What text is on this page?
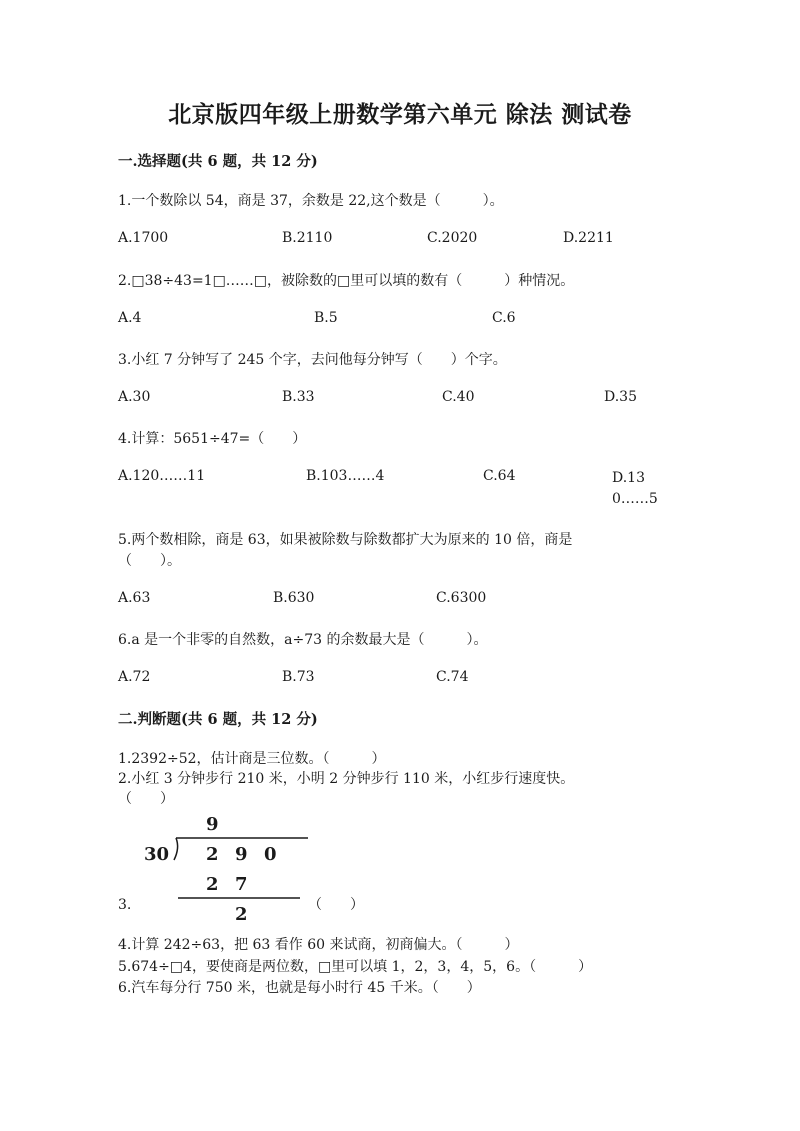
北京版四年级上册数学第六单元 除法 测试卷
一.选择题(共 6 题，共 12 分)
1.一个数除以 54，商是 37，余数是 22,这个数是（　　　）。
A.1700	B.2110	C.2020	D.2211
2.□38÷43=1□……□，被除数的□里可以填的数有（　　　）种情况。
A.4	B.5	C.6
3.小红 7 分钟写了 245 个字，去问他每分钟写（　　）个字。
A.30	B.33	C.40	D.35
4.计算：5651÷47=（　　）
A.120……11	B.103……4	C.64	D.130……5
5.两个数相除，商是 63，如果被除数与除数都扩大为原来的 10 倍，商是
（　　）。
A.63	B.630	C.6300
6.a 是一个非零的自然数，a÷73 的余数最大是（　　　）。
A.72	B.73	C.74
二.判断题(共 6 题，共 12 分)
1.2392÷52，估计商是三位数。（　　　）
2.小红 3 分钟步行 210 米，小明 2 分钟步行 110 米，小红步行速度快。
（　　）
9
30 2 9 0
2 7
2
3.	（　　）
4.计算 242÷63，把 63 看作 60 来试商，初商偏大。（　　　）
5.674÷□4，要使商是两位数，□里可以填 1，2，3，4，5，6。（　　　）
6.汽车每分行 750 米，也就是每小时行 45 千米。（　　）
